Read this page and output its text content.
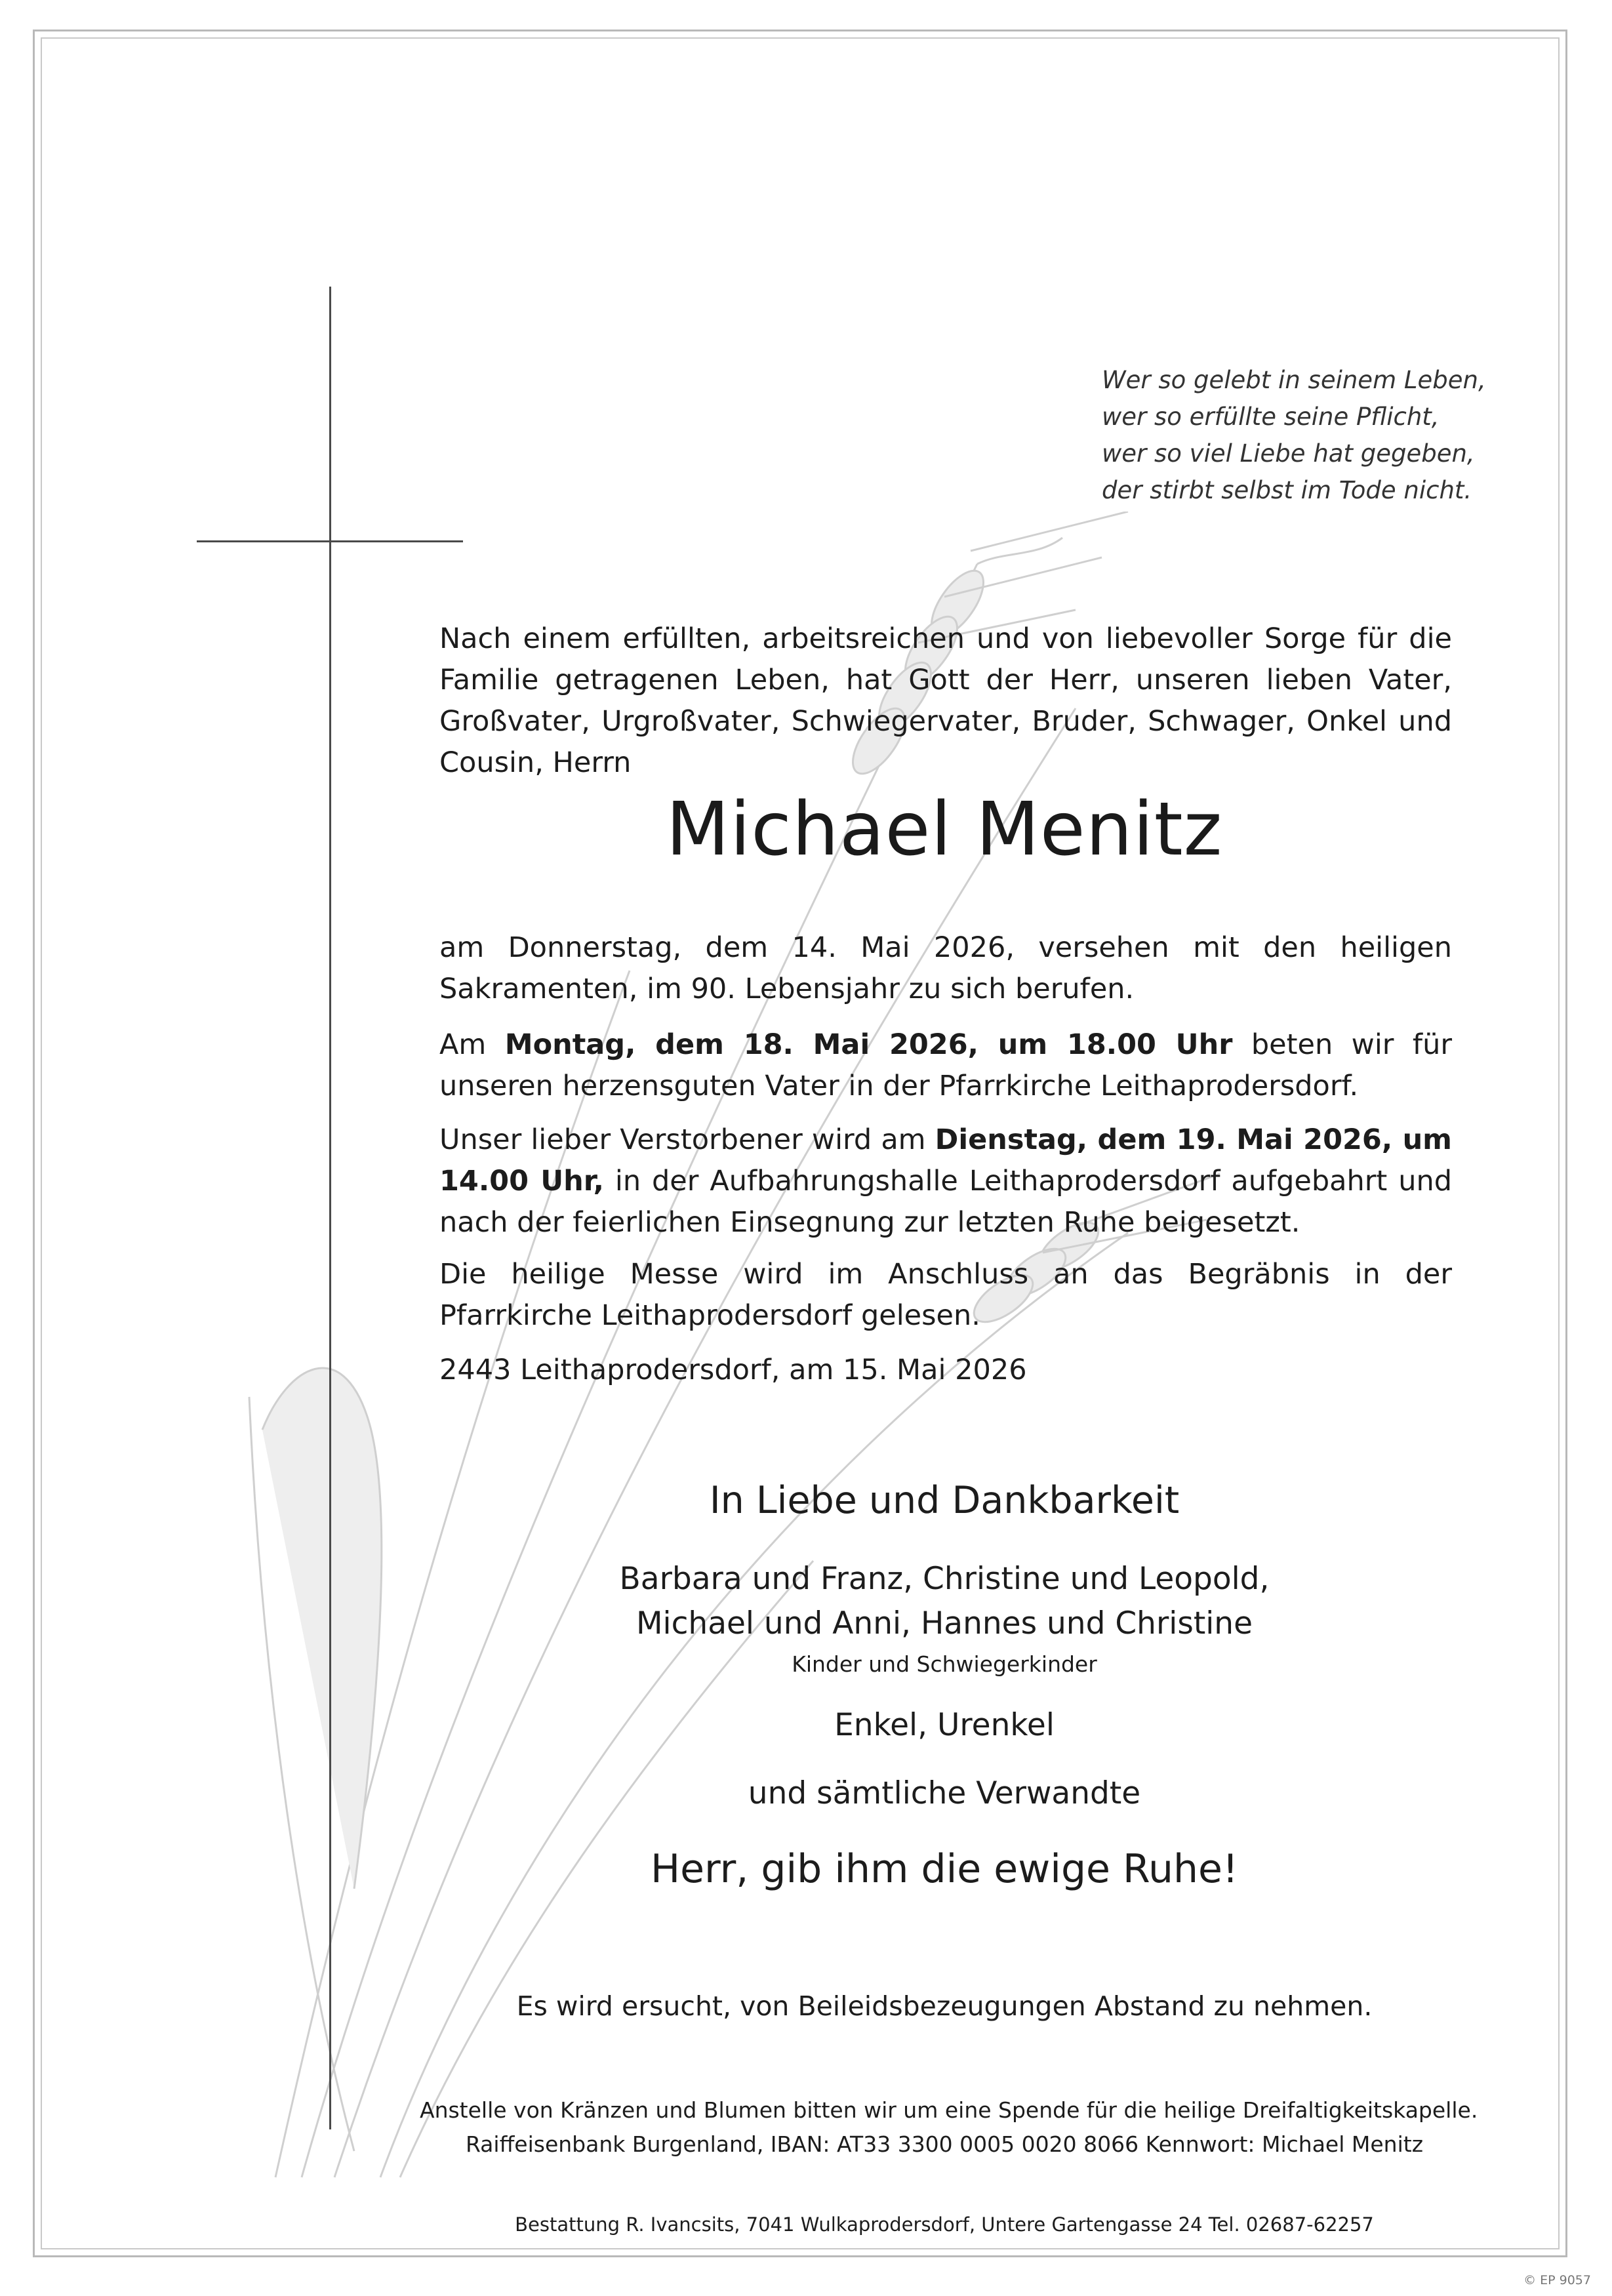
Wer so gelebt in seinem Leben,
wer so erfüllte seine Pflicht,
wer so viel Liebe hat gegeben,
der stirbt selbst im Tode nicht.
Nach einem erfüllten, arbeitsreichen und von liebevoller Sorge für die Familie getragenen Leben, hat Gott der Herr, unseren lieben Vater, Großvater, Urgroßvater, Schwiegervater, Bruder, Schwager, Onkel und Cousin, Herrn
Michael Menitz
am Donnerstag, dem 14. Mai 2026, versehen mit den heiligen Sakramenten, im 90. Lebensjahr zu sich berufen.
Am Montag, dem 18. Mai 2026, um 18.00 Uhr beten wir für unseren herzensguten Vater in der Pfarrkirche Leithaprodersdorf.
Unser lieber Verstorbener wird am Dienstag, dem 19. Mai 2026, um 14.00 Uhr, in der Aufbahrungshalle Leithaprodersdorf aufgebahrt und nach der feierlichen Einsegnung zur letzten Ruhe beigesetzt.
Die heilige Messe wird im Anschluss an das Begräbnis in der Pfarrkirche Leithaprodersdorf gelesen.
2443 Leithaprodersdorf, am 15. Mai 2026
In Liebe und Dankbarkeit
Barbara und Franz, Christine und Leopold,
Michael und Anni, Hannes und Christine
Kinder und Schwiegerkinder
Enkel, Urenkel
und sämtliche Verwandte
Herr, gib ihm die ewige Ruhe!
Es wird ersucht, von Beileidsbezeugungen Abstand zu nehmen.
Anstelle von Kränzen und Blumen bitten wir um eine Spende für die heilige Dreifaltigkeitskapelle.
Raiffeisenbank Burgenland, IBAN: AT33 3300 0005 0020 8066 Kennwort: Michael Menitz
Bestattung R. Ivancsits, 7041 Wulkaprodersdorf, Untere Gartengasse 24 Tel. 02687-62257
© EP 9057
